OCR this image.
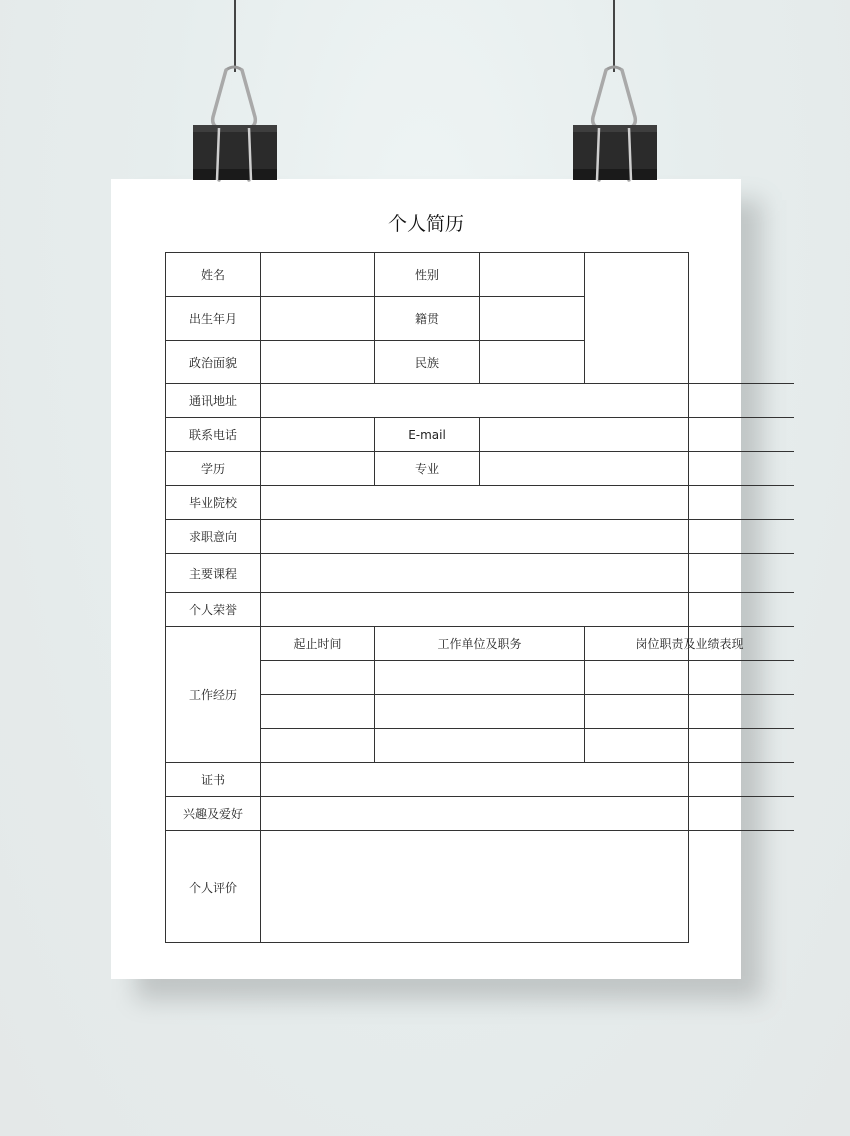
个人简历
姓名	性别
出生年月	籍贯
政治面貌	民族
通讯地址
联系电话	E-mail
学历	专业
毕业院校
求职意向
主要课程
个人荣誉
工作经历
起止时间	工作单位及职务	岗位职责及业绩表现
证书
兴趣及爱好
个人评价
